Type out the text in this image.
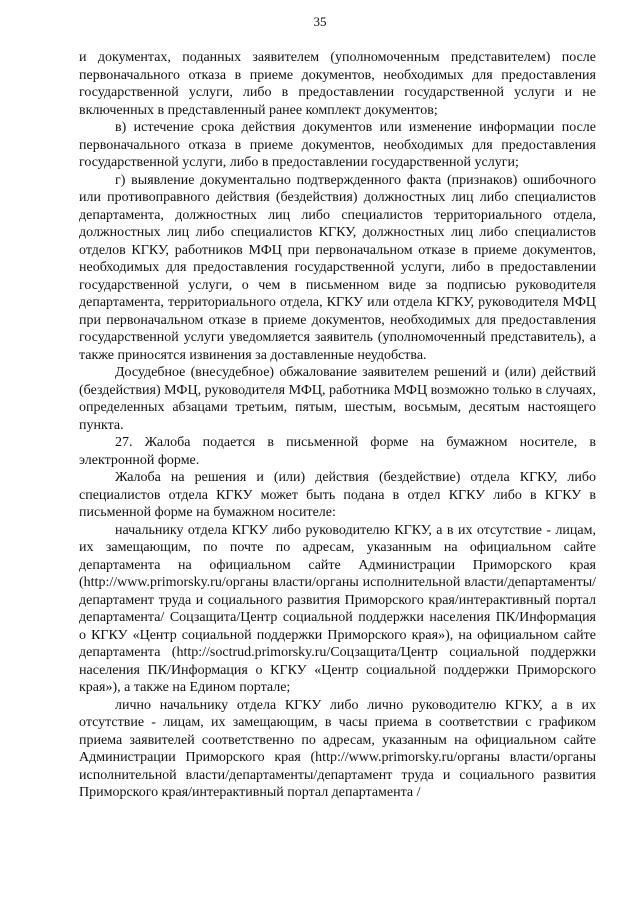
35

и документах, поданных заявителем (уполномоченным представителем) после первоначального отказа в приеме документов, необходимых для предоставления государственной услуги, либо в предоставлении государственной услуги и не включенных в представленный ранее комплект документов;

в) истечение срока действия документов или изменение информации после первоначального отказа в приеме документов, необходимых для предоставления государственной услуги, либо в предоставлении государственной услуги;

г) выявление документально подтвержденного факта (признаков) ошибочного или противоправного действия (бездействия) должностных лиц либо специалистов департамента, должностных лиц либо специалистов территориального отдела, должностных лиц либо специалистов КГКУ, должностных лиц либо специалистов отделов КГКУ, работников МФЦ при первоначальном отказе в приеме документов, необходимых для предоставления государственной услуги, либо в предоставлении государственной услуги, о чем в письменном виде за подписью руководителя департамента, территориального отдела, КГКУ или отдела КГКУ, руководителя МФЦ при первоначальном отказе в приеме документов, необходимых для предоставления государственной услуги уведомляется заявитель (уполномоченный представитель), а также приносятся извинения за доставленные неудобства.

Досудебное (внесудебное) обжалование заявителем решений и (или) действий (бездействия) МФЦ, руководителя МФЦ, работника МФЦ возможно только в случаях, определенных абзацами третьим, пятым, шестым, восьмым, десятым настоящего пункта.

27. Жалоба подается в письменной форме на бумажном носителе, в электронной форме.

Жалоба на решения и (или) действия (бездействие) отдела КГКУ, либо специалистов отдела КГКУ может быть подана в отдел КГКУ либо в КГКУ в письменной форме на бумажном носителе:

начальнику отдела КГКУ либо руководителю КГКУ, а в их отсутствие - лицам, их замещающим, по почте по адресам, указанным на официальном сайте департамента на официальном сайте Администрации Приморского края (http://www.primorsky.ru/органы власти/органы исполнительной власти/департаменты/департамент труда и социального развития Приморского края/интерактивный портал департамента/ Соцзащита/Центр социальной поддержки населения ПК/Информация о КГКУ «Центр социальной поддержки Приморского края»), на официальном сайте департамента (http://soctrud.primorsky.ru/Соцзащита/Центр социальной поддержки населения ПК/Информация о КГКУ «Центр социальной поддержки Приморского края»), а также на Едином портале;

лично начальнику отдела КГКУ либо лично руководителю КГКУ, а в их отсутствие - лицам, их замещающим, в часы приема в соответствии с графиком приема заявителей соответственно по адресам, указанным на официальном сайте Администрации Приморского края (http://www.primorsky.ru/органы власти/органы исполнительной власти/департаменты/департамент труда и социального развития Приморского края/интерактивный портал департамента /
